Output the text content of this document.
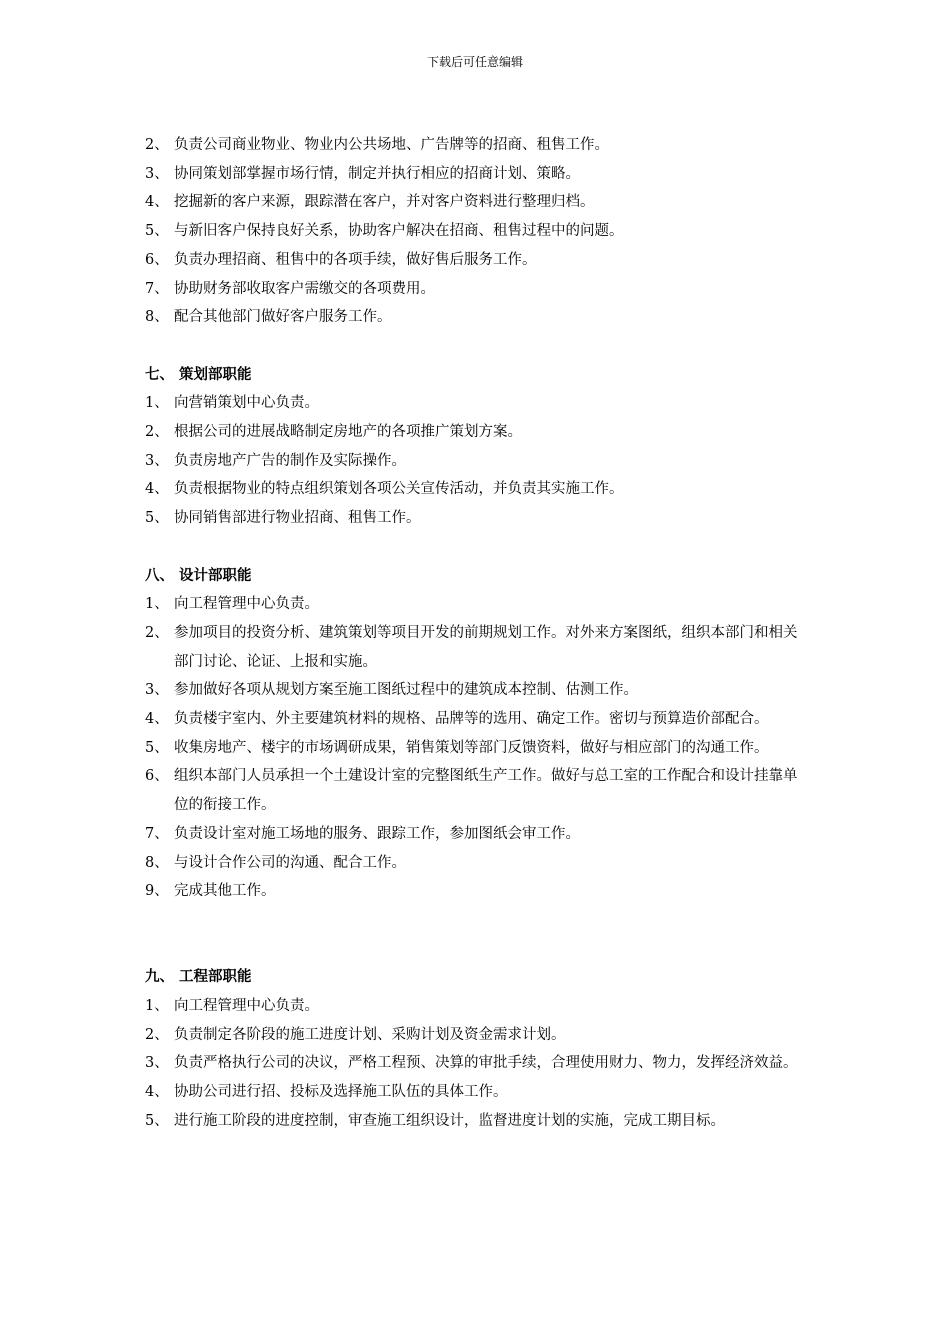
下载后可任意编辑
2、 负责公司商业物业、物业内公共场地、广告牌等的招商、租售工作。
3、 协同策划部掌握市场行情，制定并执行相应的招商计划、策略。
4、 挖掘新的客户来源，跟踪潜在客户，并对客户资料进行整理归档。
5、 与新旧客户保持良好关系，协助客户解决在招商、租售过程中的问题。
6、 负责办理招商、租售中的各项手续，做好售后服务工作。
7、 协助财务部收取客户需缴交的各项费用。
8、 配合其他部门做好客户服务工作。
七、 策划部职能
1、 向营销策划中心负责。
2、 根据公司的进展战略制定房地产的各项推广策划方案。
3、 负责房地产广告的制作及实际操作。
4、 负责根据物业的特点组织策划各项公关宣传活动，并负责其实施工作。
5、 协同销售部进行物业招商、租售工作。
八、 设计部职能
1、 向工程管理中心负责。
2、 参加项目的投资分析、建筑策划等项目开发的前期规划工作。对外来方案图纸，组织本部门和相关部门讨论、论证、上报和实施。
3、 参加做好各项从规划方案至施工图纸过程中的建筑成本控制、估测工作。
4、 负责楼宇室内、外主要建筑材料的规格、品牌等的选用、确定工作。密切与预算造价部配合。
5、 收集房地产、楼宇的市场调研成果，销售策划等部门反馈资料，做好与相应部门的沟通工作。
6、 组织本部门人员承担一个土建设计室的完整图纸生产工作。做好与总工室的工作配合和设计挂靠单位的衔接工作。
7、 负责设计室对施工场地的服务、跟踪工作，参加图纸会审工作。
8、 与设计合作公司的沟通、配合工作。
9、 完成其他工作。
九、 工程部职能
1、 向工程管理中心负责。
2、 负责制定各阶段的施工进度计划、采购计划及资金需求计划。
3、 负责严格执行公司的决议，严格工程预、决算的审批手续，合理使用财力、物力，发挥经济效益。
4、 协助公司进行招、投标及选择施工队伍的具体工作。
5、 进行施工阶段的进度控制，审查施工组织设计，监督进度计划的实施，完成工期目标。
